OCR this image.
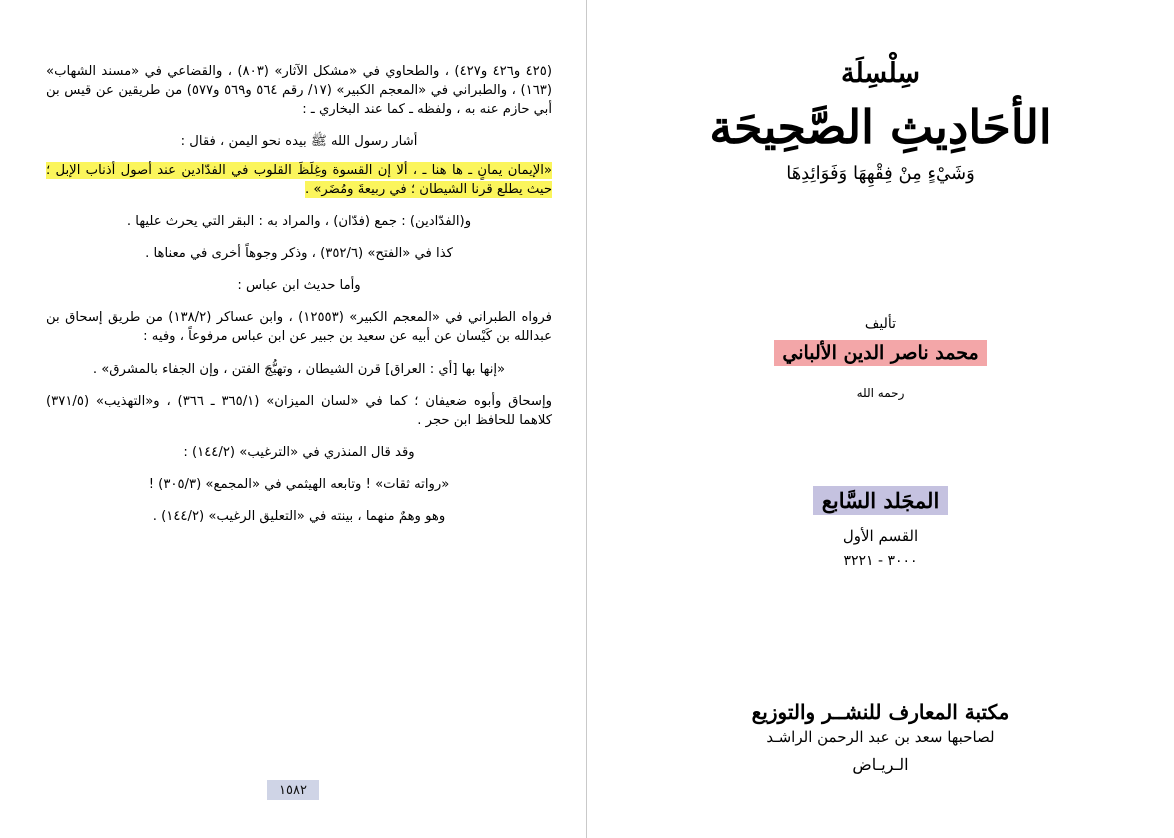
(٤٢٥ و٤٢٦ و٤٢٧) ، والطحاوي في «مشكل الآثار» (٨٠٣) ، والقضاعي في «مسند الشهاب» (١٦٣) ، والطبراني في «المعجم الكبير» (١٧/ رقم ٥٦٤ و٥٦٩ و٥٧٧) من طريقين عن قيس بن أبي حازم عنه به ، ولفظه ـ كما عند البخاري ـ :

أشار رسول الله ﷺ بيده نحو اليمن ، فقال :

«الإيمان يمانٍ ـ ها هنا ـ ، ألا إن القسوة وغِلَظَ القلوب في الفدّادين عند أصول أذناب الإبل ؛ حيث يطلع قرنا الشيطان ؛ في ربيعةَ ومُضَر» .

و(الفدّادين) : جمع (فدّان) ، والمراد به : البقر التي يحرث عليها .

كذا في «الفتح» (٣٥٢/٦) ، وذكر وجوهاً أخرى في معناها .

وأما حديث ابن عباس :

فرواه الطبراني في «المعجم الكبير» (١٢٥٥٣) ، وابن عساكر (١٣٨/٢) من طريق إسحاق بن عبدالله بن كَيْسان عن أبيه عن سعيد بن جبير عن ابن عباس مرفوعاً ، وفيه :

«إنها بها [أي : العراق] قرن الشيطان ، وتهيُّجَ الفتن ، وإن الجفاء بالمشرق» .

وإسحاق وأبوه ضعيفان ؛ كما في «لسان الميزان» (٣٦٥/١ ـ ٣٦٦) ، و«التهذيب» (٣٧١/٥) كلاهما للحافظ ابن حجر .

وقد قال المنذري في «الترغيب» (١٤٤/٢) :

«رواته ثقات» ! وتابعه الهيثمي في «المجمع» (٣٠٥/٣) !

وهو وهمٌ منهما ، بينته في «التعليق الرغيب» (١٤٤/٢) .

١٥٨٢
سِلْسِلَة
الأحَادِيثِ الصَّحِيحَة
وَشَيْءٍ مِنْ فِقْهِهَا وَفَوَائِدِهَا
تأليف
محمد ناصر الدين الألباني
رحمه الله
المجَلد السَّابع
القسم الأول
٣٠٠٠ - ٣٢٢١
مكتبة المعارف للنشــر والتوزيع
لصاحبها سعد بن عبد الرحمن الراشـد
الـريـاض
